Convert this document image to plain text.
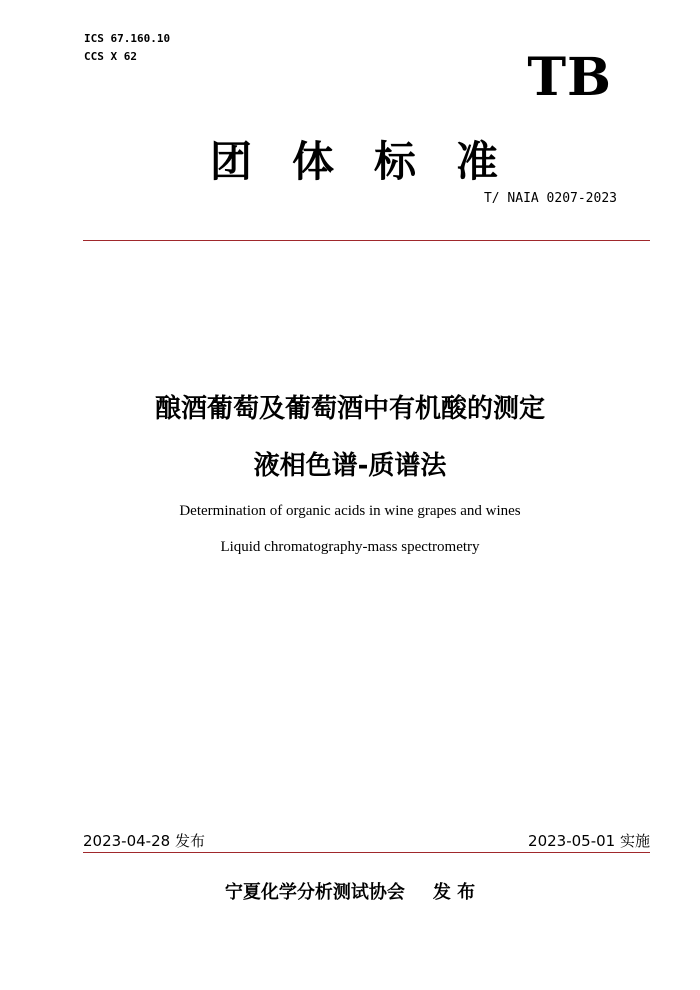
ICS 67.160.10
CCS X 62	TB
团体标准
T/ NAIA 0207-2023
酿酒葡萄及葡萄酒中有机酸的测定
液相色谱-质谱法
Determination of organic acids in wine grapes and wines
Liquid chromatography-mass spectrometry
2023-04-28 发布	2023-05-01 实施
宁夏化学分析测试协会 发 布
